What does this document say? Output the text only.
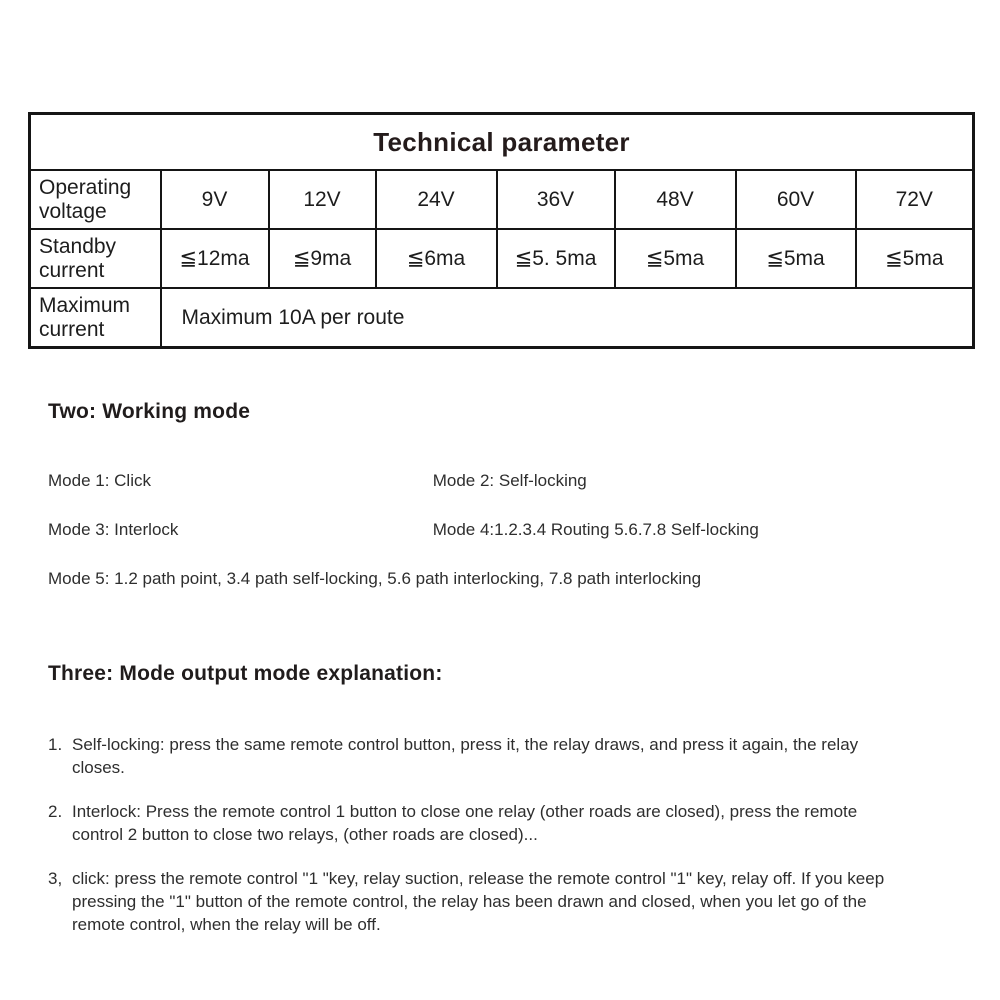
Technical parameter							
Operating voltage	9V	12V	24V	36V	48V	60V	72V
Standby current	≦12ma	≦9ma	≦6ma	≦5. 5ma	≦5ma	≦5ma	≦5ma
Maximum current	Maximum 10A per route						
Two: Working mode
Mode 1: Click	Mode 2: Self-locking
Mode 3: Interlock	Mode 4:1.2.3.4 Routing 5.6.7.8 Self-locking
Mode 5: 1.2 path point, 3.4 path self-locking, 5.6 path interlocking, 7.8 path interlocking
Three: Mode output mode explanation:
1. Self-locking: press the same remote control button, press it, the relay draws, and press it again, the relay closes.
2. Interlock: Press the remote control 1 button to close one relay (other roads are closed), press the remote control 2 button to close two relays, (other roads are closed)...
3, click: press the remote control "1 "key, relay suction, release the remote control "1" key, relay off. If you keep pressing the "1" button of the remote control, the relay has been drawn and closed, when you let go of the remote control, when the relay will be off.
